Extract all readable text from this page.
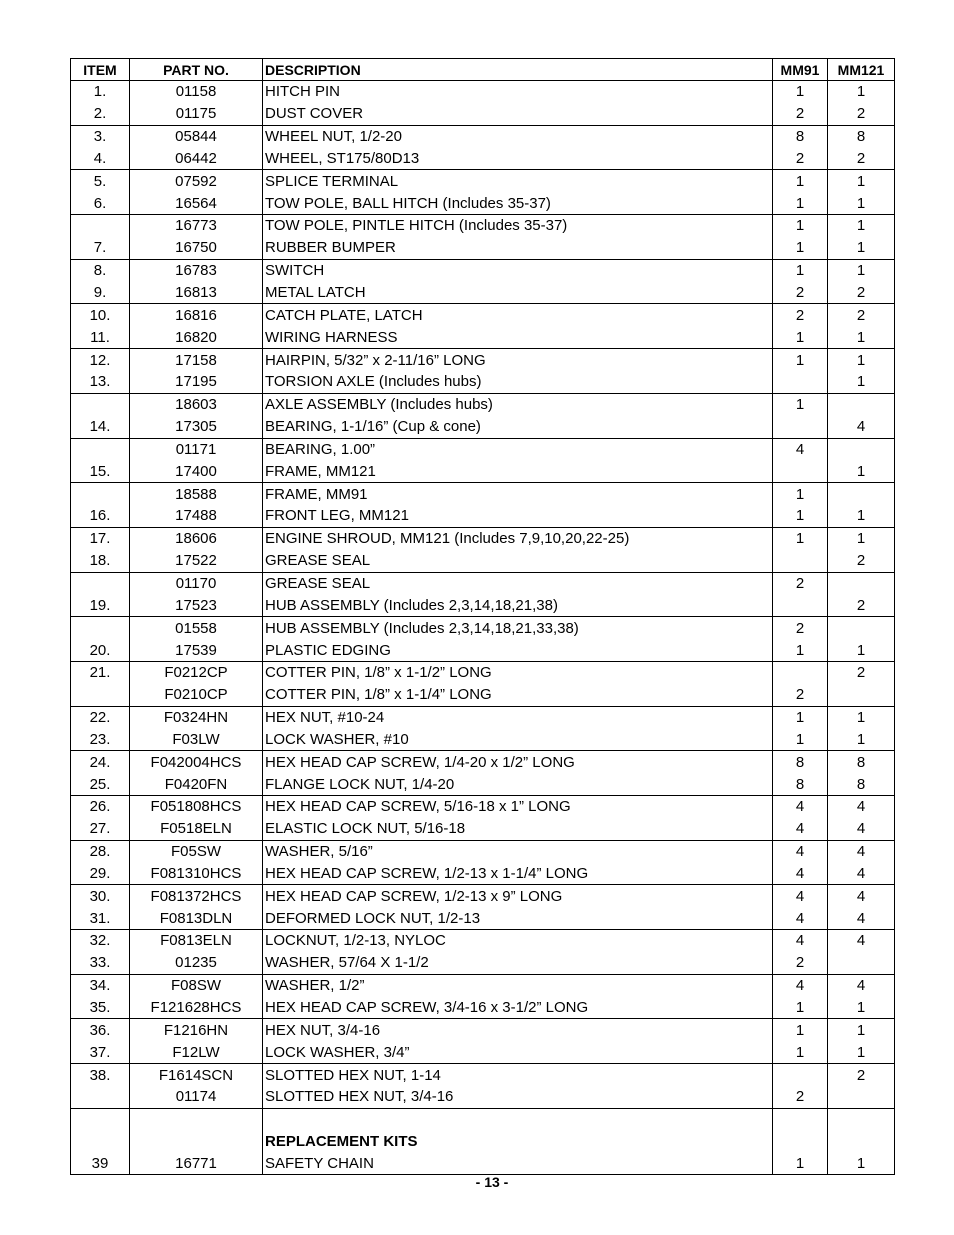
ITEM	PART NO.	DESCRIPTION	MM91	MM121
1.	01158	HITCH PIN	1	1
2.	01175	DUST COVER	2	2
3.	05844	WHEEL NUT, 1/2-20	8	8
4.	06442	WHEEL, ST175/80D13	2	2
5.	07592	SPLICE TERMINAL	1	1
6.	16564	TOW POLE, BALL HITCH (Includes 35-37)	1	1
	16773	TOW POLE, PINTLE HITCH (Includes 35-37)	1	1
7.	16750	RUBBER BUMPER	1	1
8.	16783	SWITCH	1	1
9.	16813	METAL LATCH	2	2
10.	16816	CATCH PLATE, LATCH	2	2
11.	16820	WIRING HARNESS	1	1
12.	17158	HAIRPIN, 5/32” x 2-11/16” LONG	1	1
13.	17195	TORSION AXLE (Includes hubs)		1
	18603	AXLE ASSEMBLY (Includes hubs)	1	
14.	17305	BEARING, 1-1/16” (Cup & cone)		4
	01171	BEARING, 1.00”	4	
15.	17400	FRAME, MM121		1
	18588	FRAME, MM91	1	
16.	17488	FRONT LEG, MM121	1	1
17.	18606	ENGINE SHROUD, MM121 (Includes 7,9,10,20,22-25)	1	1
18.	17522	GREASE SEAL		2
	01170	GREASE SEAL	2	
19.	17523	HUB ASSEMBLY (Includes 2,3,14,18,21,38)		2
	01558	HUB ASSEMBLY (Includes 2,3,14,18,21,33,38)	2	
20.	17539	PLASTIC EDGING	1	1
21.	F0212CP	COTTER PIN, 1/8” x 1-1/2” LONG		2
	F0210CP	COTTER PIN, 1/8” x 1-1/4” LONG	2	
22.	F0324HN	HEX NUT, #10-24	1	1
23.	F03LW	LOCK WASHER, #10	1	1
24.	F042004HCS	HEX HEAD CAP SCREW, 1/4-20 x 1/2” LONG	8	8
25.	F0420FN	FLANGE LOCK NUT, 1/4-20	8	8
26.	F051808HCS	HEX HEAD CAP SCREW, 5/16-18 x 1” LONG	4	4
27.	F0518ELN	ELASTIC LOCK NUT, 5/16-18	4	4
28.	F05SW	WASHER, 5/16”	4	4
29.	F081310HCS	HEX HEAD CAP SCREW, 1/2-13 x 1-1/4” LONG	4	4
30.	F081372HCS	HEX HEAD CAP SCREW, 1/2-13 x 9” LONG	4	4
31.	F0813DLN	DEFORMED LOCK NUT, 1/2-13	4	4
32.	F0813ELN	LOCKNUT, 1/2-13, NYLOC	4	4
33.	01235	WASHER, 57/64 X 1-1/2	2	
34.	F08SW	WASHER, 1/2”	4	4
35.	F121628HCS	HEX HEAD CAP SCREW, 3/4-16 x 3-1/2” LONG	1	1
36.	F1216HN	HEX NUT, 3/4-16	1	1
37.	F12LW	LOCK WASHER, 3/4”	1	1
38.	F1614SCN	SLOTTED HEX NUT, 1-14		2
	01174	SLOTTED HEX NUT, 3/4-16	2	

		REPLACEMENT KITS		
39	16771	SAFETY CHAIN	1	1
- 13 -
